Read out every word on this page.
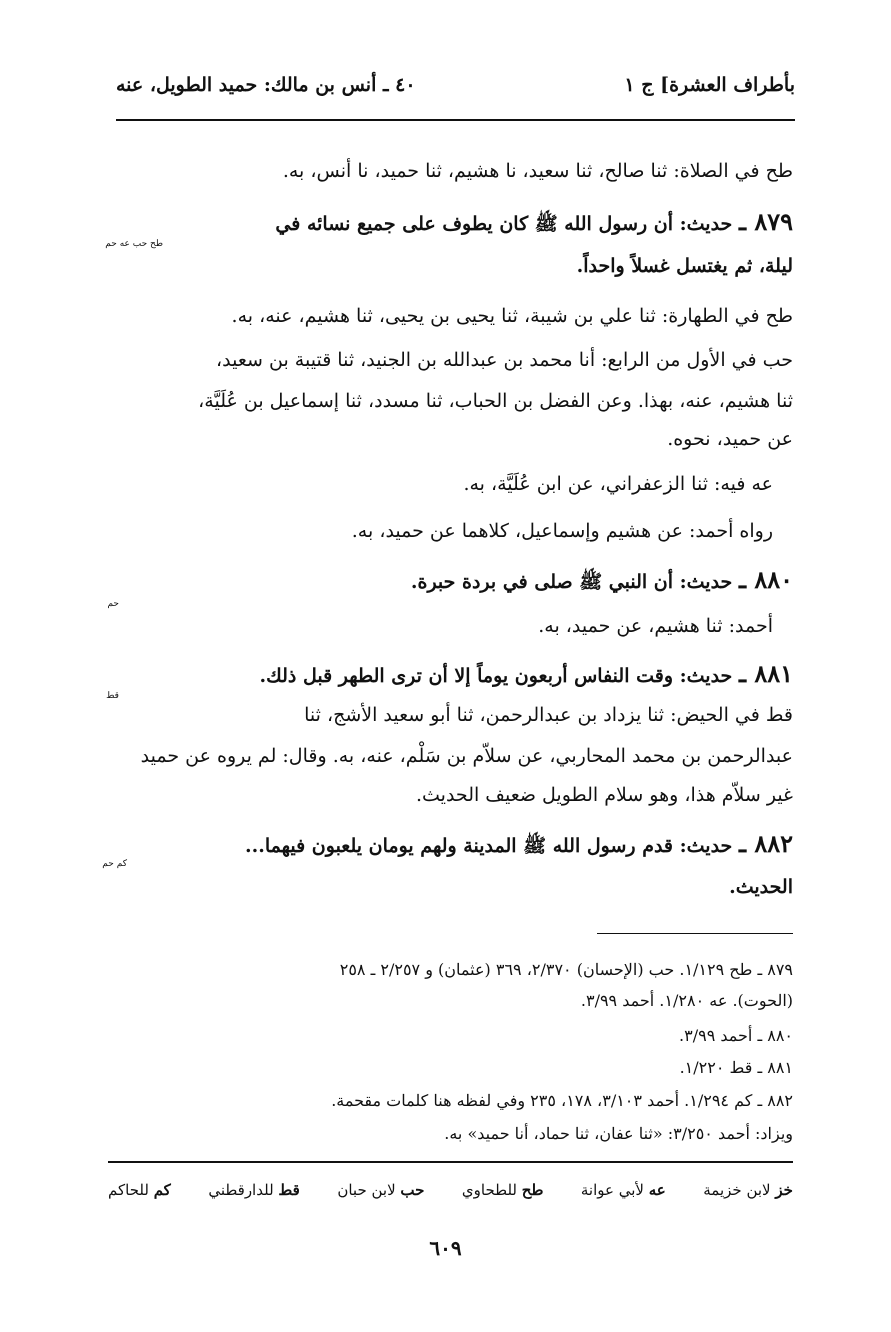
بأطراف العشرة] ج ١
٤٠ ـ أنس بن مالك: حميد الطويل، عنه
طح في الصلاة: ثنا صالح، ثنا سعيد، نا هشيم، ثنا حميد، نا أنس، به.
٨٧٩ ـ حديث: أن رسول الله ﷺ كان يطوف على جميع نسائه في
طح حب عه حم
ليلة، ثم يغتسل غسلاً واحداً.
طح في الطهارة: ثنا علي بن شيبة، ثنا يحيى بن يحيى، ثنا هشيم، عنه، به.
حب في الأول من الرابع: أنا محمد بن عبدالله بن الجنيد، ثنا قتيبة بن سعيد،
ثنا هشيم، عنه، بهذا. وعن الفضل بن الحباب، ثنا مسدد، ثنا إسماعيل بن عُلَيَّة،
عن حميد، نحوه.
عه فيه: ثنا الزعفراني، عن ابن عُلَيَّة، به.
رواه أحمد: عن هشيم وإسماعيل، كلاهما عن حميد، به.
٨٨٠ ـ حديث: أن النبي ﷺ صلى في بردة حبرة.
حم
أحمد: ثنا هشيم، عن حميد، به.
٨٨١ ـ حديث: وقت النفاس أربعون يوماً إلا أن ترى الطهر قبل ذلك.
قط
قط في الحيض: ثنا يزداد بن عبدالرحمن، ثنا أبو سعيد الأشج، ثنا
عبدالرحمن بن محمد المحاربي، عن سلاّم بن سَلْم، عنه، به. وقال: لم يروه عن حميد
غير سلاّم هذا، وهو سلام الطويل ضعيف الحديث.
٨٨٢ ـ حديث: قدم رسول الله ﷺ المدينة ولهم يومان يلعبون فيهما...
كم حم
الحديث.
٨٧٩ ـ طح ١/١٢٩. حب (الإحسان) ٢/٣٧٠، ٣٦٩ (عثمان) و ٢/٢٥٧ ـ ٢٥٨
(الحوت). عه ١/٢٨٠. أحمد ٣/٩٩.
٨٨٠ ـ أحمد ٣/٩٩.
٨٨١ ـ قط ١/٢٢٠.
٨٨٢ ـ كم ١/٢٩٤. أحمد ٣/١٠٣، ١٧٨، ٢٣٥ وفي لفظه هنا كلمات مقحمة.
ويزاد: أحمد ٣/٢٥٠: «ثنا عفان، ثنا حماد، أنا حميد» به.
خز لابن خزيمة
عه لأبي عوانة
طح للطحاوي
حب لابن حبان
قط للدارقطني
كم للحاكم
٦٠٩
